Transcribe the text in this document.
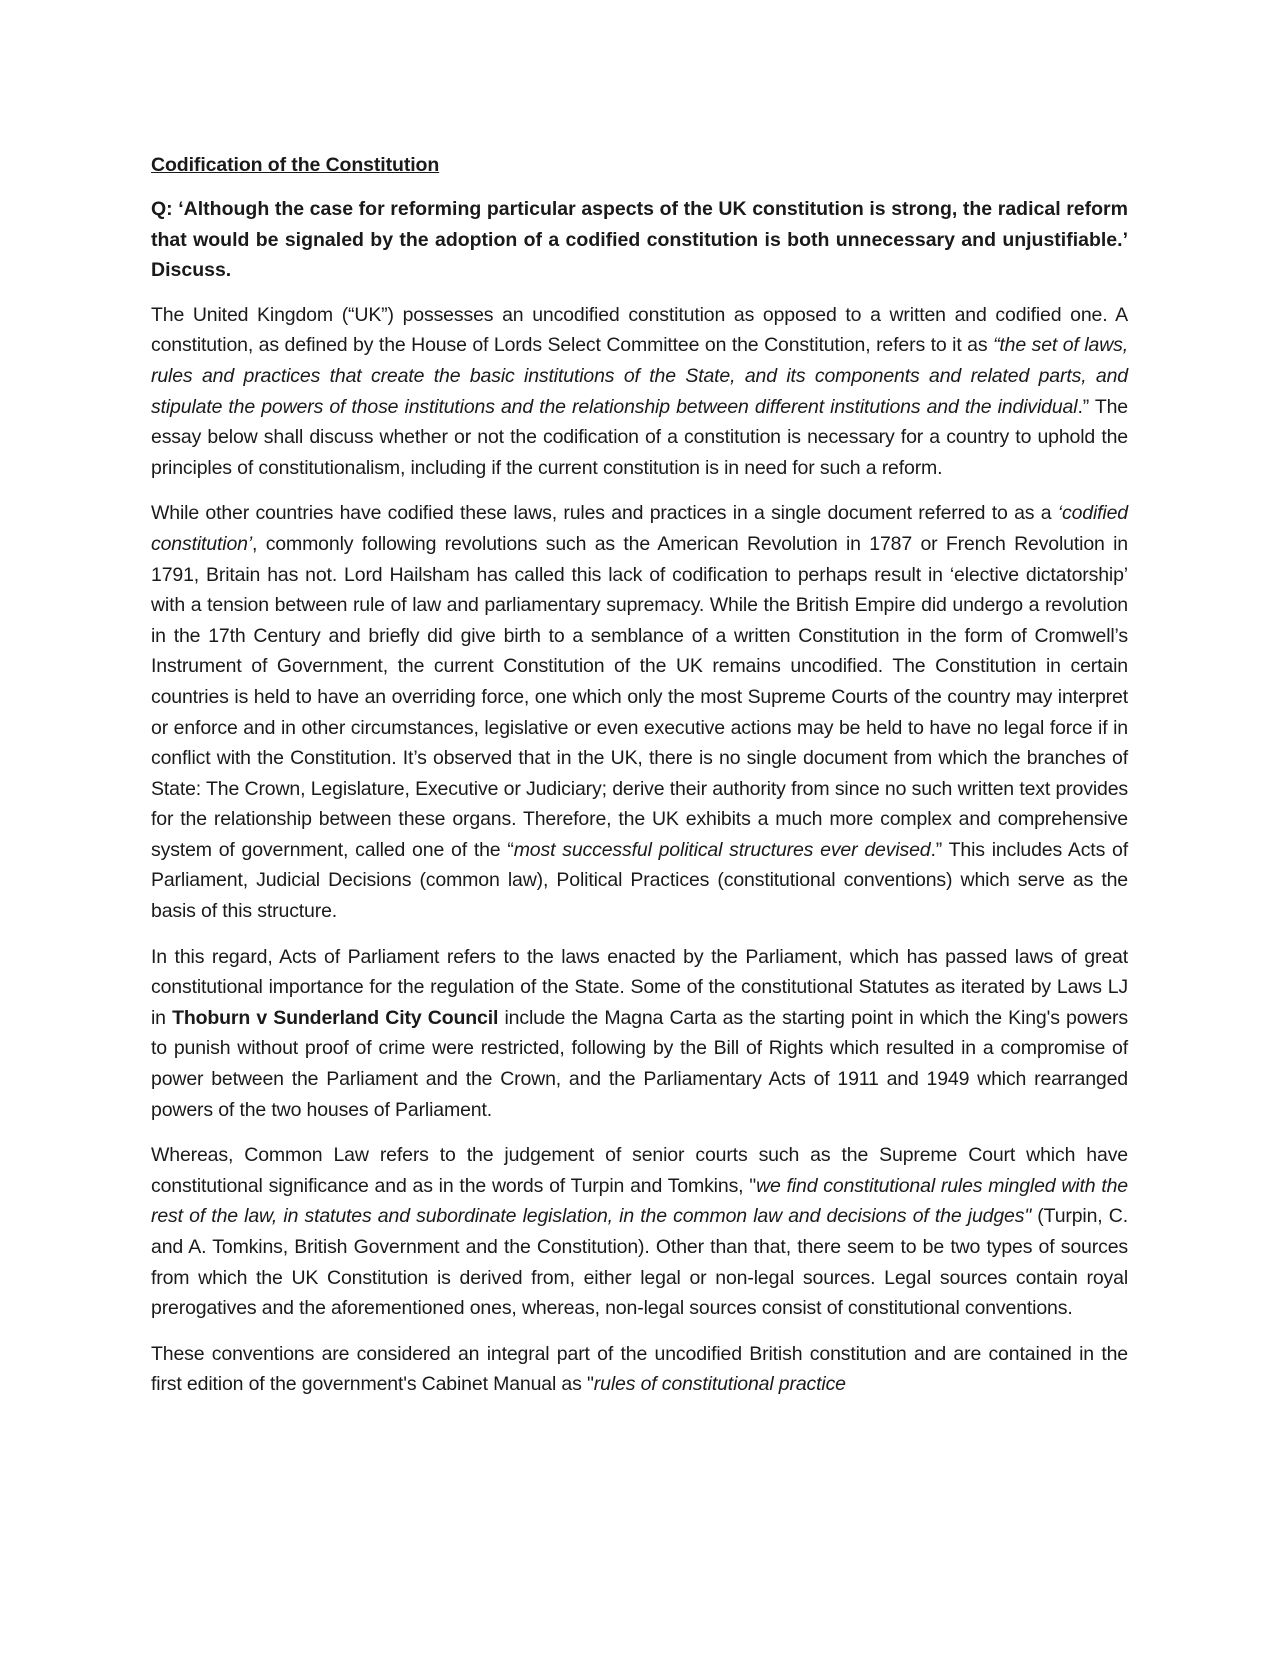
Codification of the Constitution
Q: ‘Although the case for reforming particular aspects of the UK constitution is strong, the radical reform that would be signaled by the adoption of a codified constitution is both unnecessary and unjustifiable.’ Discuss.

The United Kingdom (“UK”) possesses an uncodified constitution as opposed to a written and codified one. A constitution, as defined by the House of Lords Select Committee on the Constitution, refers to it as “the set of laws, rules and practices that create the basic institutions of the State, and its components and related parts, and stipulate the powers of those institutions and the relationship between different institutions and the individual.” The essay below shall discuss whether or not the codification of a constitution is necessary for a country to uphold the principles of constitutionalism, including if the current constitution is in need for such a reform.

While other countries have codified these laws, rules and practices in a single document referred to as a ‘codified constitution’, commonly following revolutions such as the American Revolution in 1787 or French Revolution in 1791, Britain has not. Lord Hailsham has called this lack of codification to perhaps result in ‘elective dictatorship’ with a tension between rule of law and parliamentary supremacy. While the British Empire did undergo a revolution in the 17th Century and briefly did give birth to a semblance of a written Constitution in the form of Cromwell’s Instrument of Government, the current Constitution of the UK remains uncodified. The Constitution in certain countries is held to have an overriding force, one which only the most Supreme Courts of the country may interpret or enforce and in other circumstances, legislative or even executive actions may be held to have no legal force if in conflict with the Constitution. It’s observed that in the UK, there is no single document from which the branches of State: The Crown, Legislature, Executive or Judiciary; derive their authority from since no such written text provides for the relationship between these organs. Therefore, the UK exhibits a much more complex and comprehensive system of government, called one of the “most successful political structures ever devised.” This includes Acts of Parliament, Judicial Decisions (common law), Political Practices (constitutional conventions) which serve as the basis of this structure.

In this regard, Acts of Parliament refers to the laws enacted by the Parliament, which has passed laws of great constitutional importance for the regulation of the State. Some of the constitutional Statutes as iterated by Laws LJ in Thoburn v Sunderland City Council include the Magna Carta as the starting point in which the King's powers to punish without proof of crime were restricted, following by the Bill of Rights which resulted in a compromise of power between the Parliament and the Crown, and the Parliamentary Acts of 1911 and 1949 which rearranged powers of the two houses of Parliament.

Whereas, Common Law refers to the judgement of senior courts such as the Supreme Court which have constitutional significance and as in the words of Turpin and Tomkins, "we find constitutional rules mingled with the rest of the law, in statutes and subordinate legislation, in the common law and decisions of the judges" (Turpin, C. and A. Tomkins, British Government and the Constitution). Other than that, there seem to be two types of sources from which the UK Constitution is derived from, either legal or non-legal sources. Legal sources contain royal prerogatives and the aforementioned ones, whereas, non-legal sources consist of constitutional conventions.

These conventions are considered an integral part of the uncodified British constitution and are contained in the first edition of the government's Cabinet Manual as "rules of constitutional practice
